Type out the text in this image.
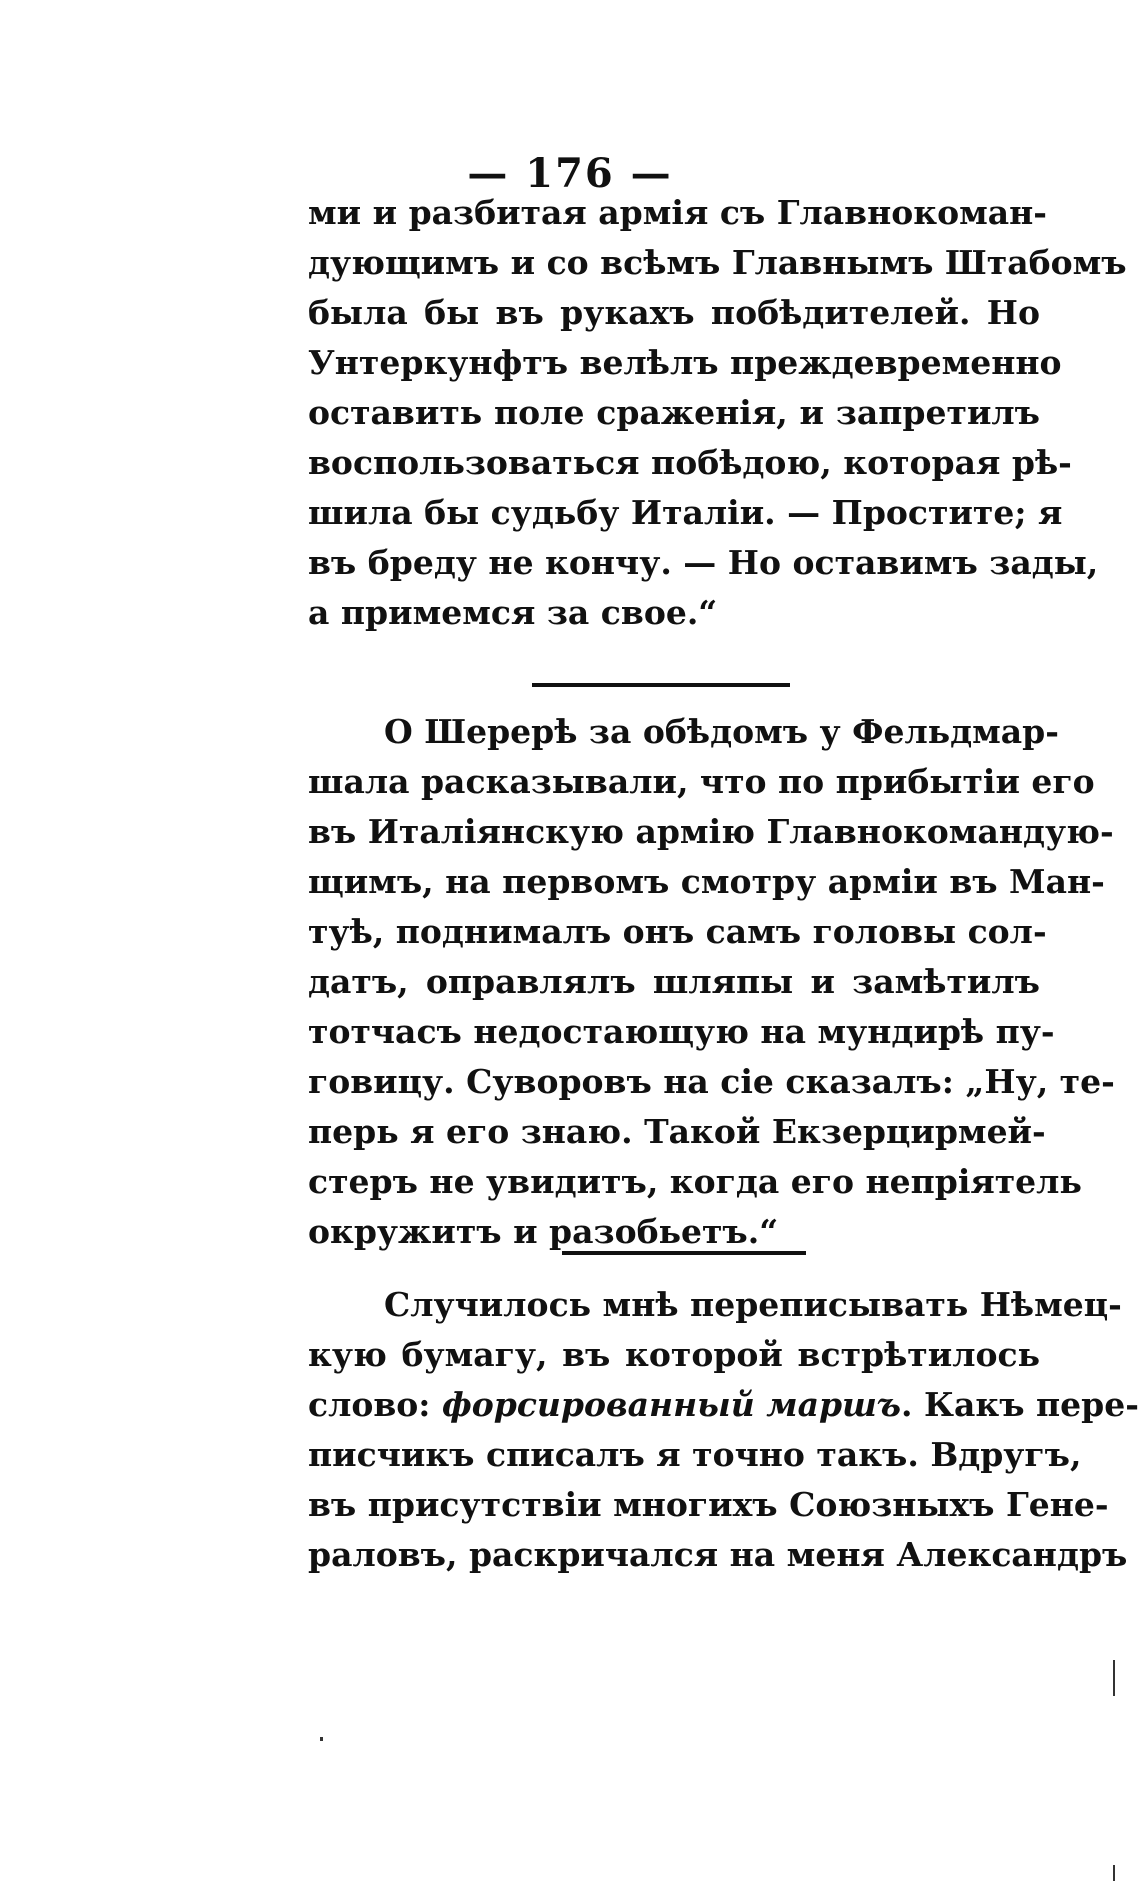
— 176 —
ми и разбитая армія съ Главнокоман-
дующимъ и со всѣмъ Главнымъ Штабомъ
была бы въ рукахъ побѣдителей. Но
Унтеркунфтъ велѣлъ преждевременно
оставить поле сраженія, и запретилъ
воспользоваться побѣдою, которая рѣ-
шила бы судьбу Италіи. — Простите; я
въ бреду не кончу. — Но оставимъ зады,
а примемся за свое.“
О Шерерѣ за обѣдомъ у Фельдмар-
шала расказывали, что по прибытіи его
въ Италіянскую армію Главнокомандую-
щимъ, на первомъ смотру арміи въ Ман-
туѣ, поднималъ онъ самъ головы сол-
датъ, оправлялъ шляпы и замѣтилъ
тотчасъ недостающую на мундирѣ пу-
говицу. Суворовъ на сіе сказалъ: „Ну, те-
перь я его знаю. Такой Екзерцирмей-
стеръ не увидитъ, когда его непріятель
окружитъ и разобьетъ.“
Случилось мнѣ переписывать Нѣмец-
кую бумагу, въ которой встрѣтилось
слово: форсированный маршъ. Какъ пере-
писчикъ списалъ я точно такъ. Вдругъ,
въ присутствіи многихъ Союзныхъ Гене-
раловъ, раскричался на меня Александръ
